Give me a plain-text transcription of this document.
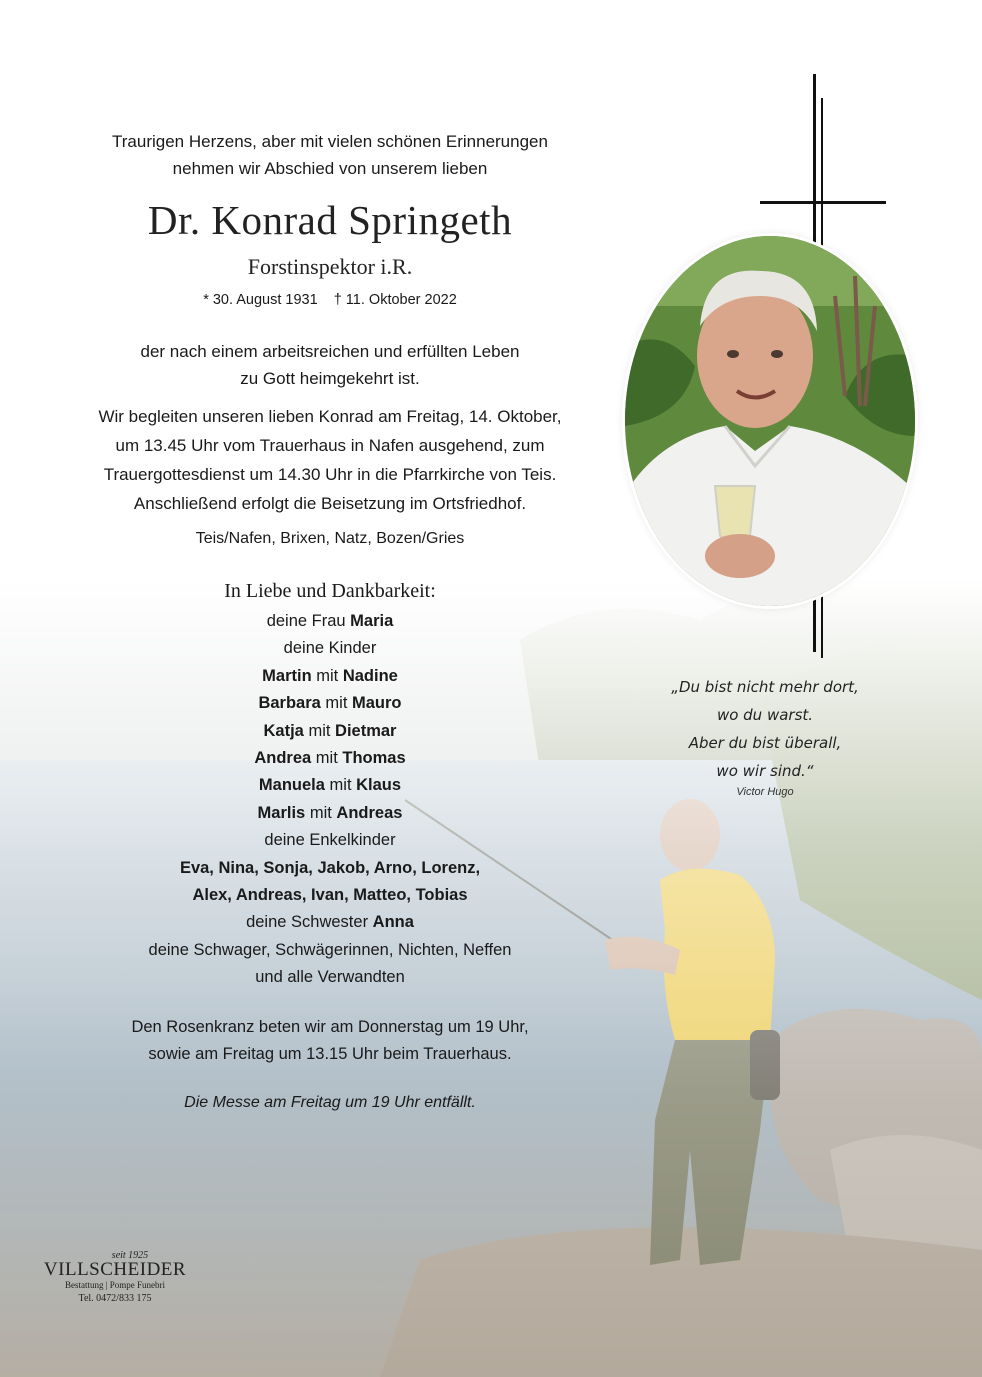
Traurigen Herzens, aber mit vielen schönen Erinnerungen
nehmen wir Abschied von unserem lieben
Dr. Konrad Springeth
Forstinspektor i.R.
* 30. August 1931 † 11. Oktober 2022
der nach einem arbeitsreichen und erfüllten Leben
zu Gott heimgekehrt ist.
Wir begleiten unseren lieben Konrad am Freitag, 14. Oktober,
um 13.45 Uhr vom Trauerhaus in Nafen ausgehend, zum
Trauergottesdienst um 14.30 Uhr in die Pfarrkirche von Teis.
Anschließend erfolgt die Beisetzung im Ortsfriedhof.
Teis/Nafen, Brixen, Natz, Bozen/Gries
In Liebe und Dankbarkeit:
deine Frau Maria
deine Kinder
Martin mit Nadine
Barbara mit Mauro
Katja mit Dietmar
Andrea mit Thomas
Manuela mit Klaus
Marlis mit Andreas
deine Enkelkinder
Eva, Nina, Sonja, Jakob, Arno, Lorenz,
Alex, Andreas, Ivan, Matteo, Tobias
deine Schwester Anna
deine Schwager, Schwägerinnen, Nichten, Neffen
und alle Verwandten
Den Rosenkranz beten wir am Donnerstag um 19 Uhr,
sowie am Freitag um 13.15 Uhr beim Trauerhaus.
Die Messe am Freitag um 19 Uhr entfällt.
„Du bist nicht mehr dort,
wo du warst.
Aber du bist überall,
wo wir sind.“
Victor Hugo
seit 1925
VILLSCHEIDER
Bestattung | Pompe Funebri
Tel. 0472/833 175
